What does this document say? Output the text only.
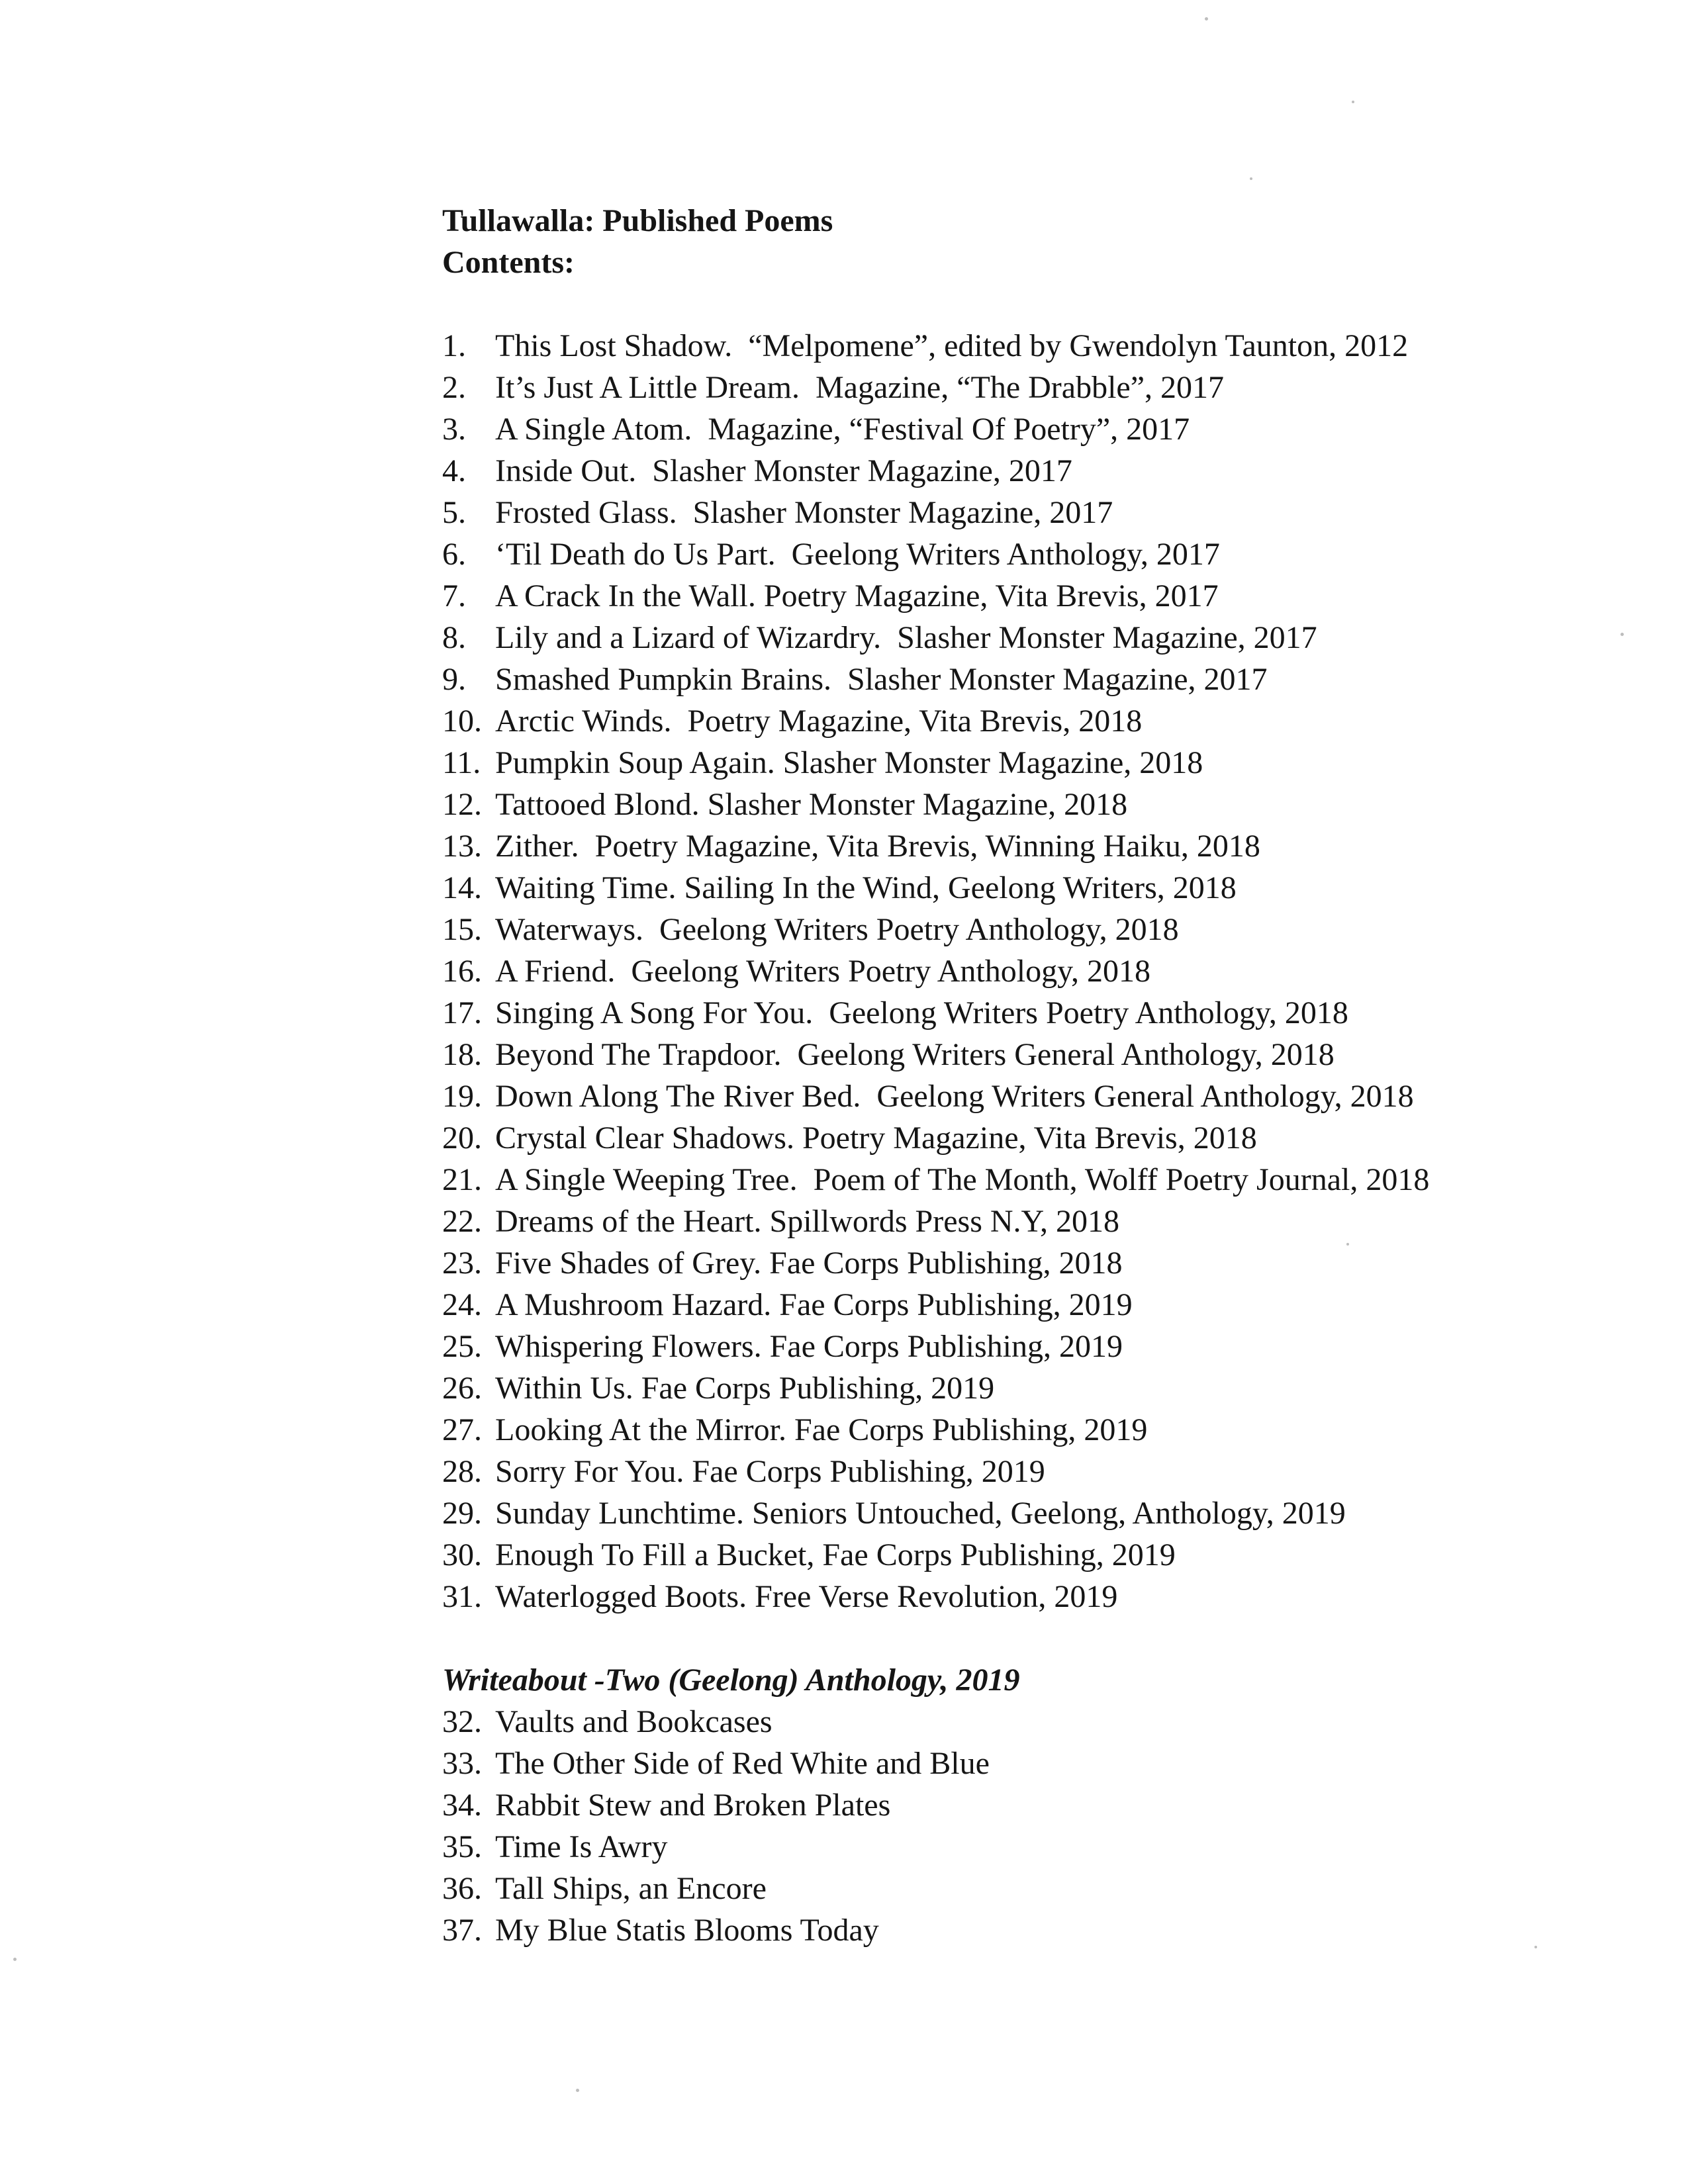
Tullawalla: Published Poems
Contents:
1. This Lost Shadow.  “Melpomene”, edited by Gwendolyn Taunton, 2012
2. It’s Just A Little Dream.  Magazine, “The Drabble”, 2017
3. A Single Atom.  Magazine, “Festival Of Poetry”, 2017
4. Inside Out.  Slasher Monster Magazine, 2017
5. Frosted Glass.  Slasher Monster Magazine, 2017
6. ‘Til Death do Us Part.  Geelong Writers Anthology, 2017
7. A Crack In the Wall. Poetry Magazine, Vita Brevis, 2017
8. Lily and a Lizard of Wizardry.  Slasher Monster Magazine, 2017
9. Smashed Pumpkin Brains.  Slasher Monster Magazine, 2017
10. Arctic Winds.  Poetry Magazine, Vita Brevis, 2018
11. Pumpkin Soup Again. Slasher Monster Magazine, 2018
12. Tattooed Blond. Slasher Monster Magazine, 2018
13. Zither.  Poetry Magazine, Vita Brevis, Winning Haiku, 2018
14. Waiting Time. Sailing In the Wind, Geelong Writers, 2018
15. Waterways.  Geelong Writers Poetry Anthology, 2018
16. A Friend.  Geelong Writers Poetry Anthology, 2018
17. Singing A Song For You.  Geelong Writers Poetry Anthology, 2018
18. Beyond The Trapdoor.  Geelong Writers General Anthology, 2018
19. Down Along The River Bed.  Geelong Writers General Anthology, 2018
20. Crystal Clear Shadows. Poetry Magazine, Vita Brevis, 2018
21. A Single Weeping Tree.  Poem of The Month, Wolff Poetry Journal, 2018
22. Dreams of the Heart. Spillwords Press N.Y, 2018
23. Five Shades of Grey. Fae Corps Publishing, 2018
24. A Mushroom Hazard. Fae Corps Publishing, 2019
25. Whispering Flowers. Fae Corps Publishing, 2019
26. Within Us. Fae Corps Publishing, 2019
27. Looking At the Mirror. Fae Corps Publishing, 2019
28. Sorry For You. Fae Corps Publishing, 2019
29. Sunday Lunchtime. Seniors Untouched, Geelong, Anthology, 2019
30. Enough To Fill a Bucket, Fae Corps Publishing, 2019
31. Waterlogged Boots. Free Verse Revolution, 2019
Writeabout -Two (Geelong) Anthology, 2019
32. Vaults and Bookcases
33. The Other Side of Red White and Blue
34. Rabbit Stew and Broken Plates
35. Time Is Awry
36. Tall Ships, an Encore
37. My Blue Statis Blooms Today
